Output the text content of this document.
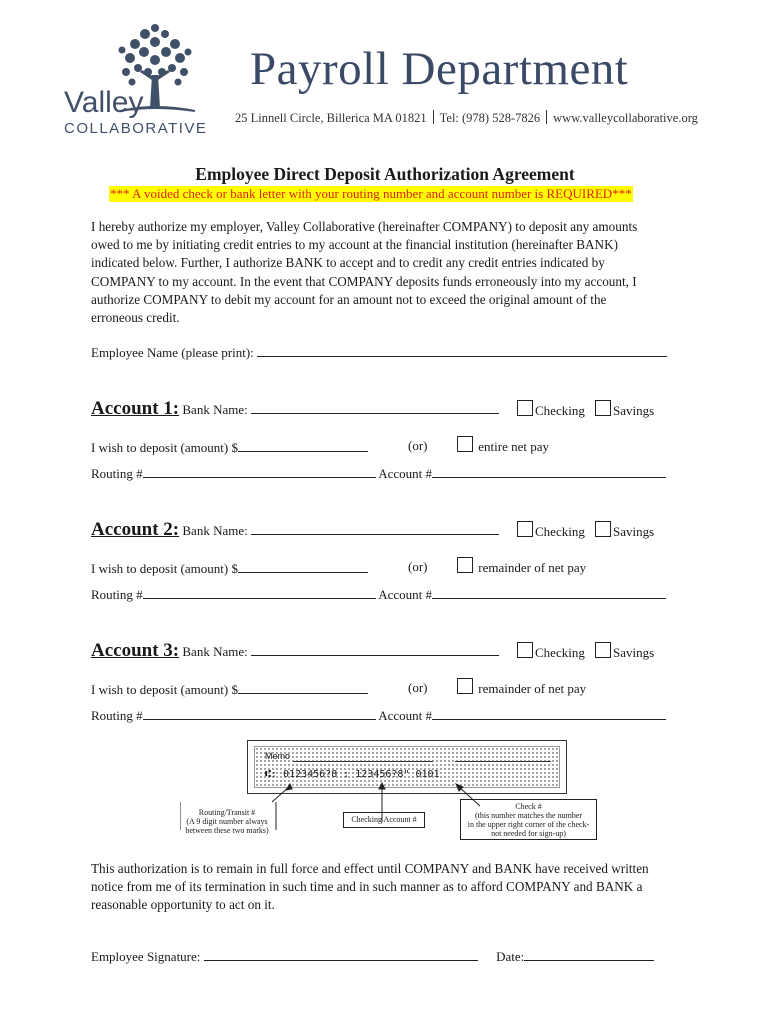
Valley
COLLABORATIVE
Payroll Department
25 Linnell Circle, Billerica MA 01821 Tel: (978) 528-7826 www.valleycollaborative.org
Employee Direct Deposit Authorization Agreement
*** A voided check or bank letter with your routing number and account number is REQUIRED***
I hereby authorize my employer, Valley Collaborative (hereinafter COMPANY) to deposit any amounts
owed to me by initiating credit entries to my account at the financial institution (hereinafter BANK)
indicated below. Further, I authorize BANK to accept and to credit any credit entries indicated by
COMPANY to my account. In the event that COMPANY deposits funds erroneously into my account, I
authorize COMPANY to debit my account for an amount not to exceed the original amount of the
erroneous credit.
Employee Name (please print):
Account 1: Bank Name:	Checking	Savings
I wish to deposit (amount) $	(or)	entire net pay
Routing #	Account #
Account 2: Bank Name:	Checking	Savings
I wish to deposit (amount) $	(or)	remainder of net pay
Routing #	Account #
Account 3: Bank Name:	Checking	Savings
I wish to deposit (amount) $	(or)	remainder of net pay
Routing #	Account #
Memo
⑆: 0123456?8 : 123456?8" 0101
Routing/Transit #
(A 9 digit number always
between these two marks)
Checking Account #
Check #
(this number matches the number
in the upper right corner of the check-
not needed for sign-up)
This authorization is to remain in full force and effect until COMPANY and BANK have received written
notice from me of its termination in such time and in such manner as to afford COMPANY and BANK a
reasonable opportunity to act on it.
Employee Signature:	Date:
